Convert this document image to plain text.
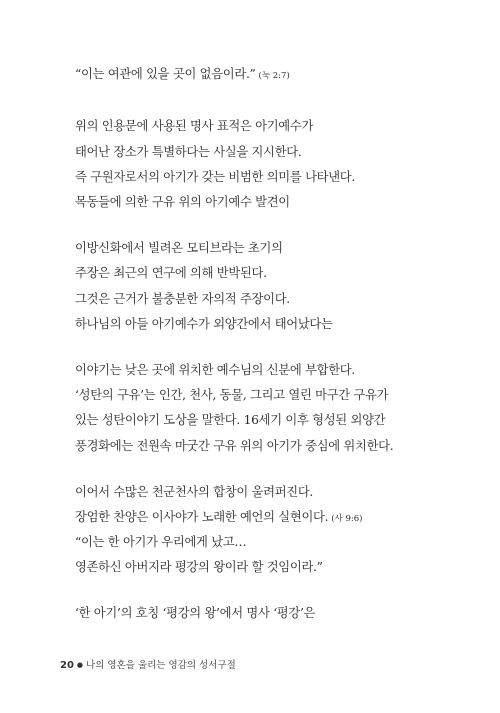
“이는 여관에 있을 곳이 없음이라.” (눅 2:7)
위의 인용문에 사용된 명사 표적은 아기예수가
태어난 장소가 특별하다는 사실을 지시한다.
즉 구원자로서의 아기가 갖는 비범한 의미를 나타낸다.
목동들에 의한 구유 위의 아기예수 발견이
이방신화에서 빌려온 모티브라는 초기의
주장은 최근의 연구에 의해 반박된다.
그것은 근거가 불충분한 자의적 주장이다.
하나님의 아들 아기예수가 외양간에서 태어났다는
이야기는 낮은 곳에 위치한 예수님의 신분에 부합한다.
‘성탄의 구유’는 인간, 천사, 동물, 그리고 열린 마구간 구유가
있는 성탄이야기 도상을 말한다. 16세기 이후 형성된 외양간
풍경화에는 전원속 마굿간 구유 위의 아기가 중심에 위치한다.
이어서 수많은 천군천사의 합창이 울려퍼진다.
장엄한 찬양은 이사야가 노래한 예언의 실현이다. (사 9:6)
“이는 한 아기가 우리에게 났고…
영존하신 아버지라 평강의 왕이라 할 것임이라.”
‘한 아기’의 호칭 ‘평강의 왕’에서 명사 ‘평강’은
20 ● 나의 영혼을 울리는 영감의 성서구절
